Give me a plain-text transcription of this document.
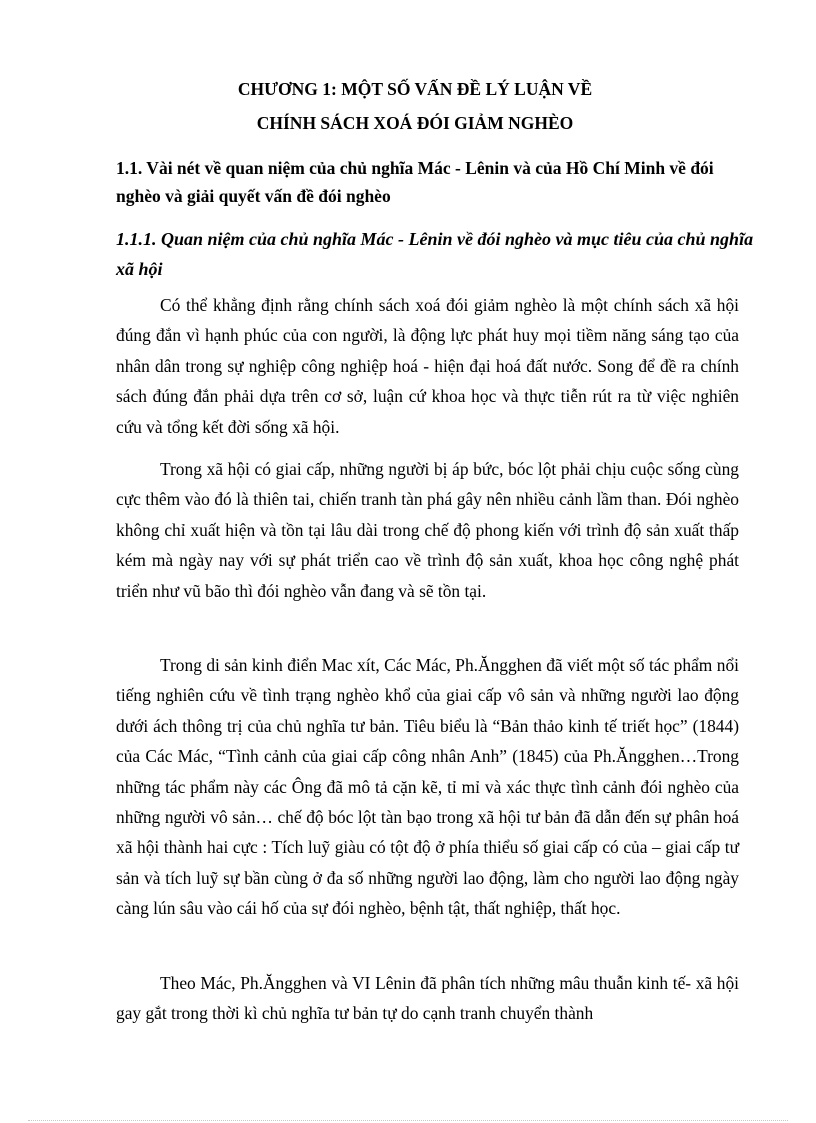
CHƯƠNG 1: MỘT SỐ VẤN ĐỀ LÝ LUẬN VỀ
CHÍNH SÁCH XOÁ ĐÓI GIẢM NGHÈO
1.1. Vài nét về quan niệm của chủ nghĩa Mác - Lênin và của Hồ Chí Minh về đói nghèo và giải quyết vấn đề đói nghèo
1.1.1. Quan niệm của chủ nghĩa Mác - Lênin về đói nghèo và mục tiêu của chủ nghĩa xã hội

Có thể khẳng định rằng chính sách xoá đói giảm nghèo là một chính sách xã hội đúng đắn vì hạnh phúc của con người, là động lực phát huy mọi tiềm năng sáng tạo của nhân dân trong sự nghiệp công nghiệp hoá - hiện đại hoá đất nước. Song để đề ra chính sách đúng đắn phải dựa trên cơ sở, luận cứ khoa học và thực tiễn rút ra từ việc nghiên cứu và tổng kết đời sống xã hội.

Trong xã hội có giai cấp, những người bị áp bức, bóc lột phải chịu cuộc sống cùng cực thêm vào đó là thiên tai, chiến tranh tàn phá gây nên nhiều cảnh lầm than. Đói nghèo không chỉ xuất hiện và tồn tại lâu dài trong chế độ phong kiến với trình độ sản xuất thấp kém mà ngày nay với sự phát triển cao về trình độ sản xuất, khoa học công nghệ phát triển như vũ bão thì đói nghèo vẫn đang và sẽ tồn tại.

Trong di sản kinh điển Mac xít, Các Mác, Ph.Ăngghen đã viết một số tác phẩm nổi tiếng nghiên cứu về tình trạng nghèo khổ của giai cấp vô sản và những người lao động dưới ách thông trị của chủ nghĩa tư bản. Tiêu biểu là “Bản thảo kinh tế triết học” (1844) của Các Mác, “Tình cảnh của giai cấp công nhân Anh” (1845) của Ph.Ăngghen…Trong những tác phẩm này các Ông đã mô tả cặn kẽ, tỉ mỉ và xác thực tình cảnh đói nghèo của những người vô sản… chế độ bóc lột tàn bạo trong xã hội tư bản đã dẫn đến sự phân hoá xã hội thành hai cực : Tích luỹ giàu có tột độ ở phía thiểu số giai cấp có của – giai cấp tư sản và tích luỹ sự bần cùng ở đa số những người lao động, làm cho người lao động ngày càng lún sâu vào cái hố của sự đói nghèo, bệnh tật, thất nghiệp, thất học.

Theo Mác, Ph.Ăngghen và VI Lênin đã phân tích những mâu thuẫn kinh tế- xã hội gay gắt trong thời kì chủ nghĩa tư bản tự do cạnh tranh chuyển thành
